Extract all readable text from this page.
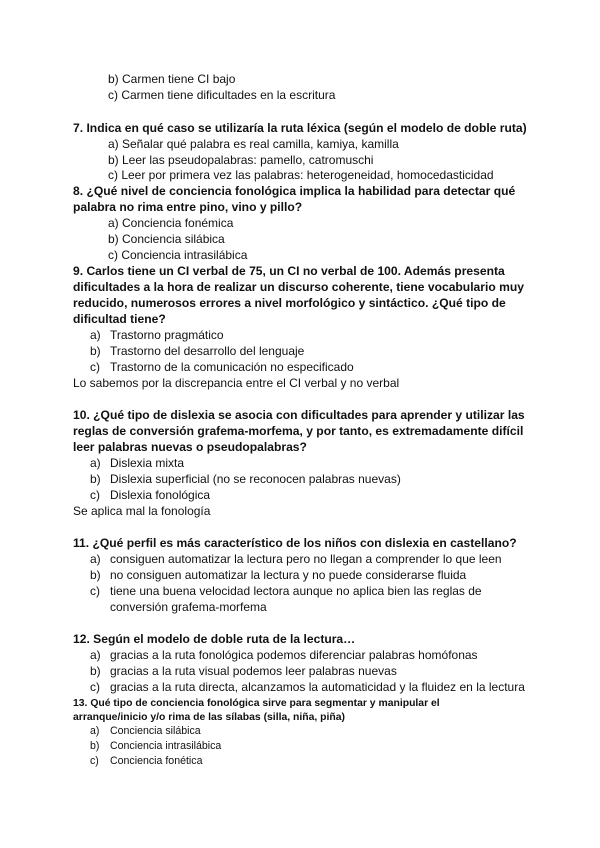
b) Carmen tiene CI bajo
c) Carmen tiene dificultades en la escritura
7. Indica en qué caso se utilizaría la ruta léxica (según el modelo de doble ruta)
a) Señalar qué palabra es real camilla, kamiya, kamilla
b) Leer las pseudopalabras: pamello, catromuschi
c) Leer por primera vez las palabras: heterogeneidad, homocedasticidad
8. ¿Qué nivel de conciencia fonológica implica la habilidad para detectar qué
palabra no rima entre pino, vino y pillo?
a) Conciencia fonémica
b) Conciencia silábica
c) Conciencia intrasilábica
9. Carlos tiene un CI verbal de 75, un CI no verbal de 100. Además presenta
dificultades a la hora de realizar un discurso coherente, tiene vocabulario muy
reducido, numerosos errores a nivel morfológico y sintáctico. ¿Qué tipo de
dificultad tiene?
a) Trastorno pragmático
b) Trastorno del desarrollo del lenguaje
c) Trastorno de la comunicación no especificado
Lo sabemos por la discrepancia entre el CI verbal y no verbal
10. ¿Qué tipo de dislexia se asocia con dificultades para aprender y utilizar las
reglas de conversión grafema-morfema, y por tanto, es extremadamente difícil
leer palabras nuevas o pseudopalabras?
a) Dislexia mixta
b) Dislexia superficial (no se reconocen palabras nuevas)
c) Dislexia fonológica
Se aplica mal la fonología
11. ¿Qué perfil es más característico de los niños con dislexia en castellano?
a) consiguen automatizar la lectura pero no llegan a comprender lo que leen
b) no consiguen automatizar la lectura y no puede considerarse fluida
c) tiene una buena velocidad lectora aunque no aplica bien las reglas de
conversión grafema-morfema
12. Según el modelo de doble ruta de la lectura…
a) gracias a la ruta fonológica podemos diferenciar palabras homófonas
b) gracias a la ruta visual podemos leer palabras nuevas
c) gracias a la ruta directa, alcanzamos la automaticidad y la fluidez en la lectura
13. Qué tipo de conciencia fonológica sirve para segmentar y manipular el
arranque/inicio y/o rima de las sílabas (silla, niña, piña)
a) Conciencia silábica
b) Conciencia intrasilábica
c) Conciencia fonética
